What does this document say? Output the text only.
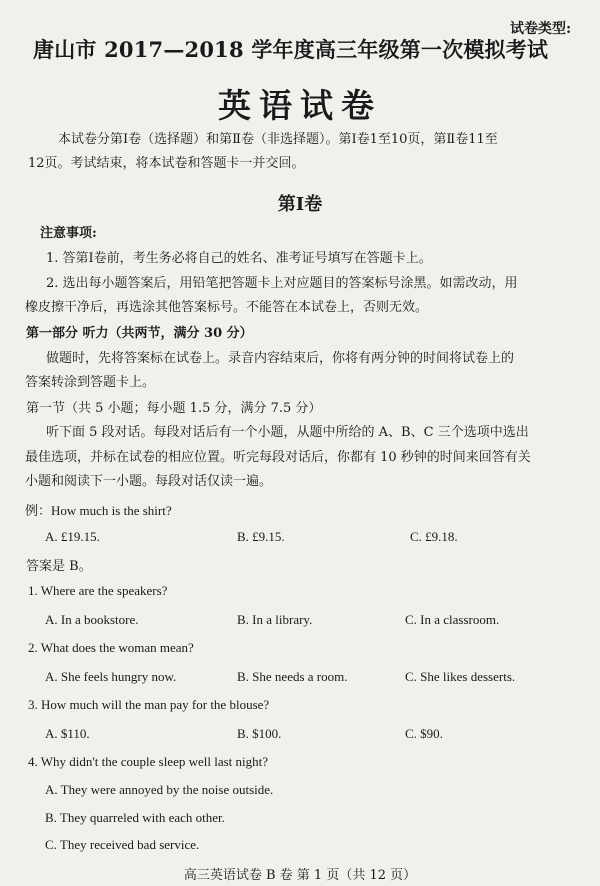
试卷类型:
唐山市 2017—2018 学年度高三年级第一次模拟考试
英语试卷
本试卷分第Ⅰ卷（选择题）和第Ⅱ卷（非选择题）。第Ⅰ卷1至10页，第Ⅱ卷11至
12页。考试结束，将本试卷和答题卡一并交回。
第Ⅰ卷
注意事项:
1. 答第Ⅰ卷前，考生务必将自己的姓名、准考证号填写在答题卡上。
2. 选出每小题答案后，用铅笔把答题卡上对应题目的答案标号涂黑。如需改动，用
橡皮擦干净后，再选涂其他答案标号。不能答在本试卷上，否则无效。
第一部分 听力（共两节，满分 30 分）
做题时，先将答案标在试卷上。录音内容结束后，你将有两分钟的时间将试卷上的
答案转涂到答题卡上。
第一节（共 5 小题；每小题 1.5 分，满分 7.5 分）
听下面 5 段对话。每段对话后有一个小题，从题中所给的 A、B、C 三个选项中选出
最佳选项，并标在试卷的相应位置。听完每段对话后，你都有 10 秒钟的时间来回答有关
小题和阅读下一小题。每段对话仅读一遍。
例：How much is the shirt?
A. £19.15.	B. £9.15.	C. £9.18.
答案是 B。
1. Where are the speakers?
A. In a bookstore.	B. In a library.	C. In a classroom.
2. What does the woman mean?
A. She feels hungry now.	B. She needs a room.	C. She likes desserts.
3. How much will the man pay for the blouse?
A. $110.	B. $100.	C. $90.
4. Why didn't the couple sleep well last night?
A. They were annoyed by the noise outside.
B. They quarreled with each other.
C. They received bad service.
高三英语试卷 B 卷 第 1 页（共 12 页）
